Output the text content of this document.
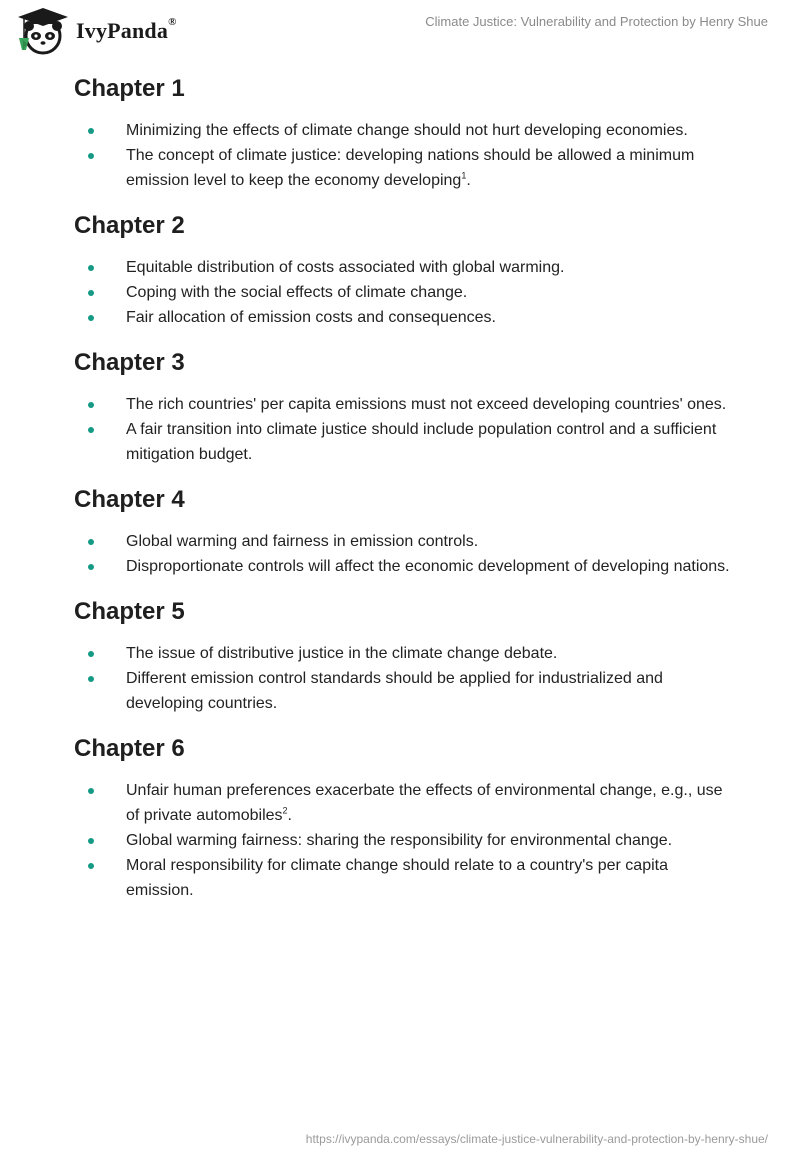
IvyPanda®	Climate Justice: Vulnerability and Protection by Henry Shue
Chapter 1
Minimizing the effects of climate change should not hurt developing economies.
The concept of climate justice: developing nations should be allowed a minimum emission level to keep the economy developing$^1$.
Chapter 2
Equitable distribution of costs associated with global warming.
Coping with the social effects of climate change.
Fair allocation of emission costs and consequences.
Chapter 3
The rich countries' per capita emissions must not exceed developing countries' ones.
A fair transition into climate justice should include population control and a sufficient mitigation budget.
Chapter 4
Global warming and fairness in emission controls.
Disproportionate controls will affect the economic development of developing nations.
Chapter 5
The issue of distributive justice in the climate change debate.
Different emission control standards should be applied for industrialized and developing countries.
Chapter 6
Unfair human preferences exacerbate the effects of environmental change, e.g., use of private automobiles$^2$.
Global warming fairness: sharing the responsibility for environmental change.
Moral responsibility for climate change should relate to a country's per capita emission.
https://ivypanda.com/essays/climate-justice-vulnerability-and-protection-by-henry-shue/
